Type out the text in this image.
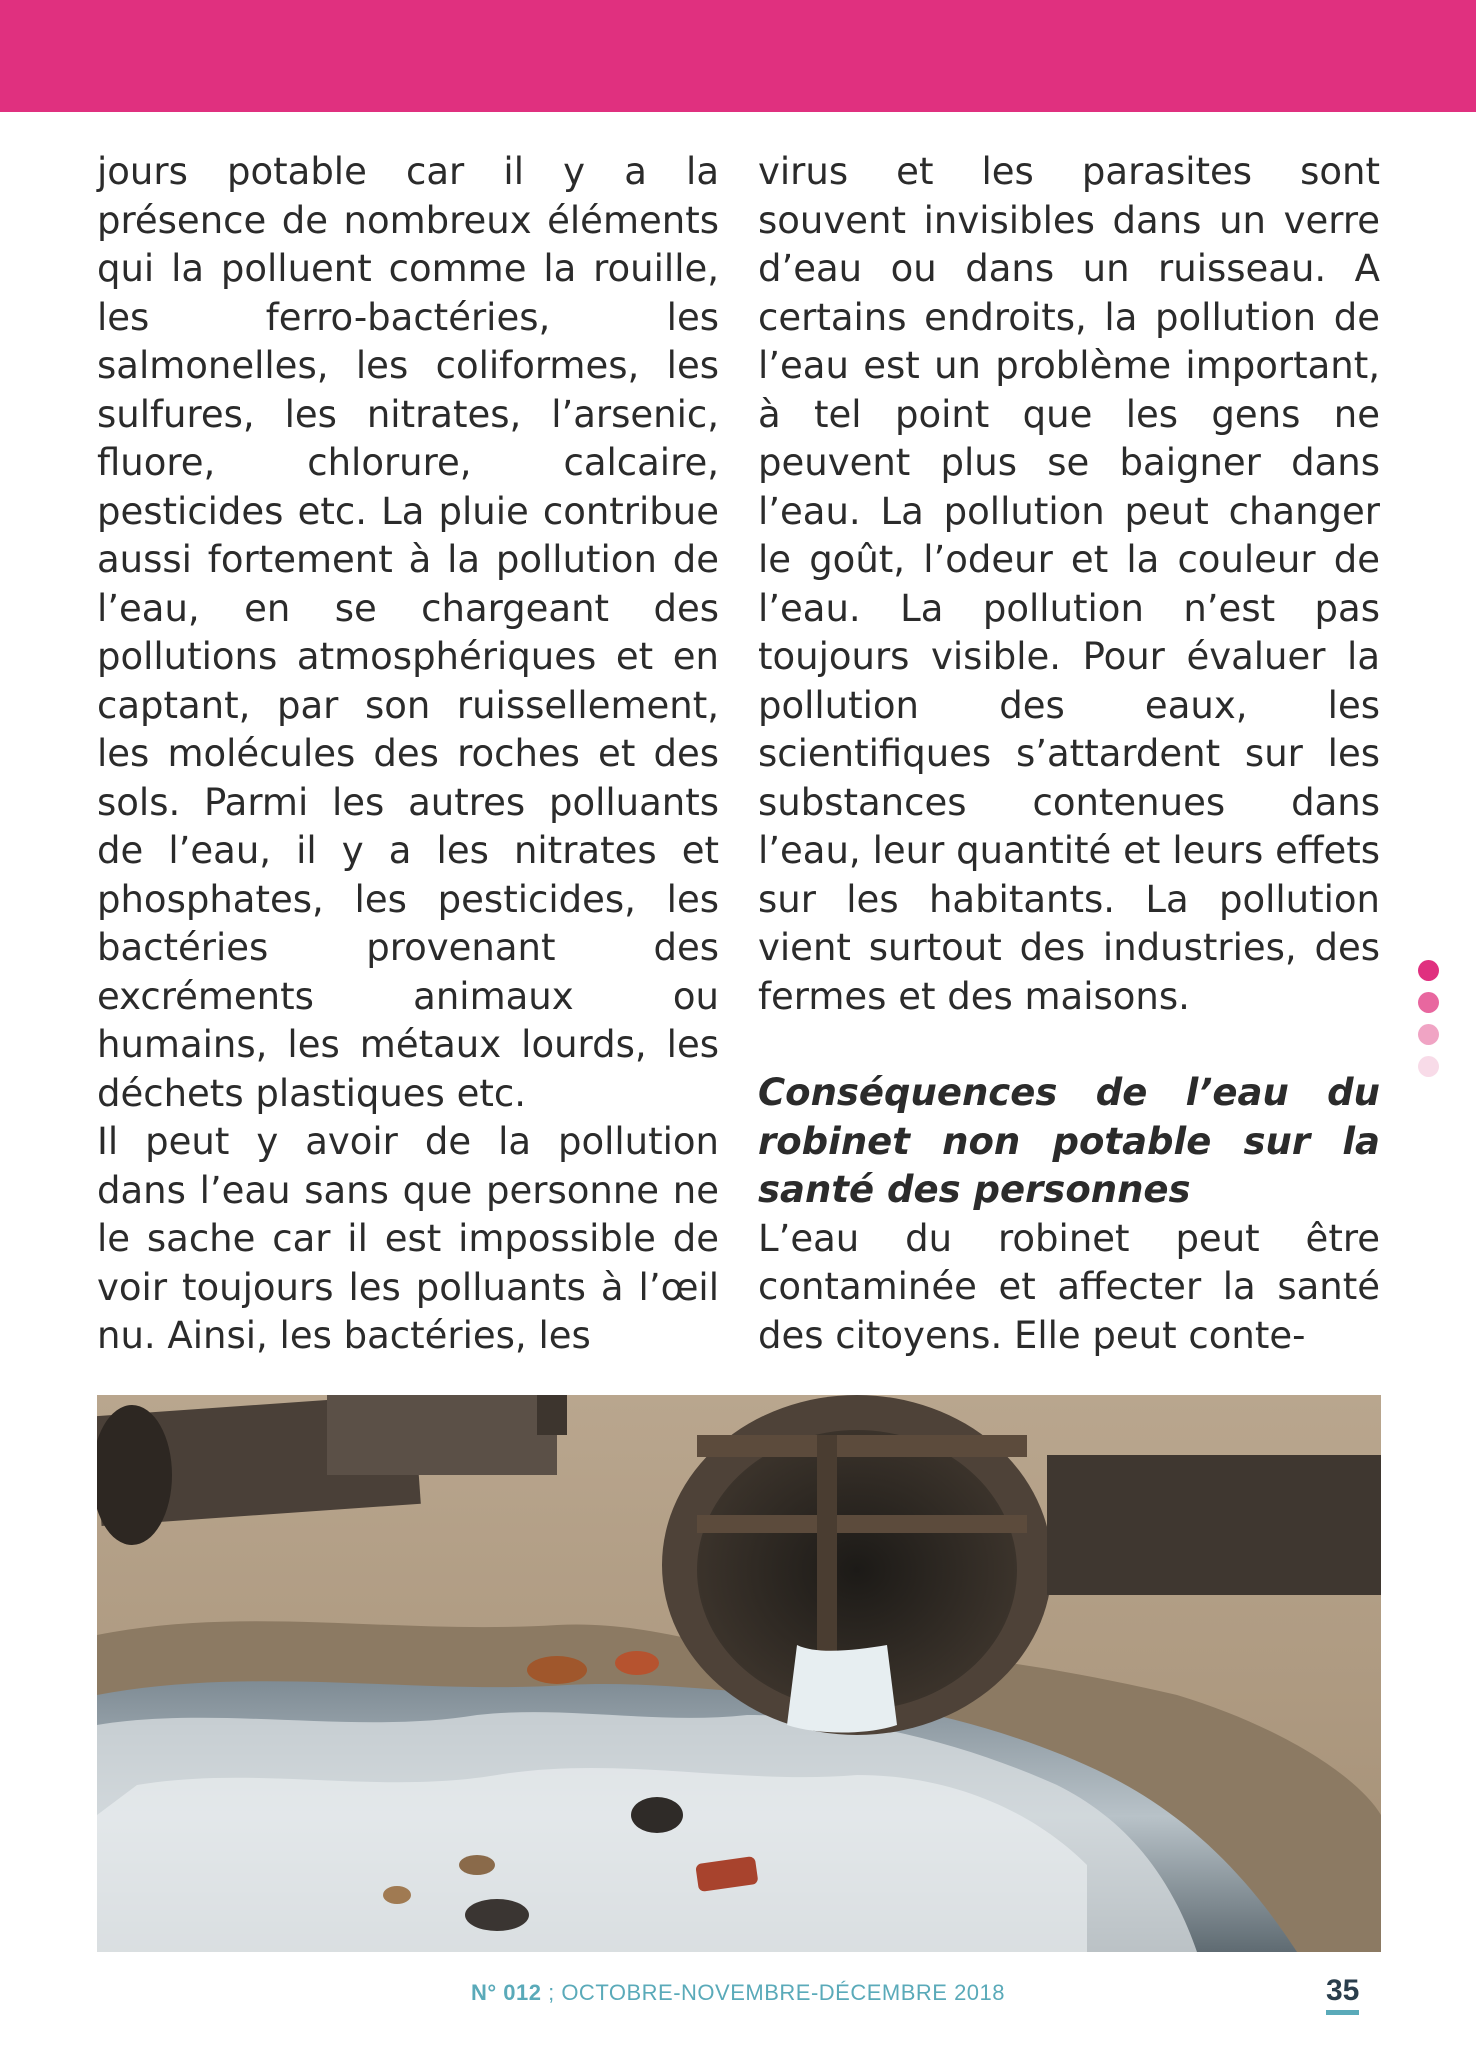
jours potable car il y a la présence de nombreux éléments qui la polluent comme la rouille, les ferro-bactéries, les salmonelles, les coliformes, les sulfures, les nitrates, l’arsenic, fluore, chlorure, calcaire, pesticides etc. La pluie contribue aussi fortement à la pollution de l’eau, en se chargeant des pollutions atmosphériques et en captant, par son ruissellement, les molécules des roches et des sols. Parmi les autres polluants de l’eau, il y a les nitrates et phosphates, les pesticides, les bactéries provenant des excréments animaux ou humains, les métaux lourds, les déchets plastiques etc.

Il peut y avoir de la pollution dans l’eau sans que personne ne le sache car il est impossible de voir toujours les polluants à l’œil nu. Ainsi, les bactéries, les

virus et les parasites sont souvent invisibles dans un verre d’eau ou dans un ruisseau. A certains endroits, la pollution de l’eau est un problème important, à tel point que les gens ne peuvent plus se baigner dans l’eau. La pollution peut changer le goût, l’odeur et la couleur de l’eau. La pollution n’est pas toujours visible. Pour évaluer la pollution des eaux, les scientifiques s’attardent sur les substances contenues dans l’eau, leur quantité et leurs effets sur les habitants. La pollution vient surtout des industries, des fermes et des maisons.

Conséquences de l’eau du robinet non potable sur la santé des personnes

L’eau du robinet peut être contaminée et affecter la santé des citoyens. Elle peut conte-

N° 012 ; OCTOBRE-NOVEMBRE-DÉCEMBRE 2018	35
